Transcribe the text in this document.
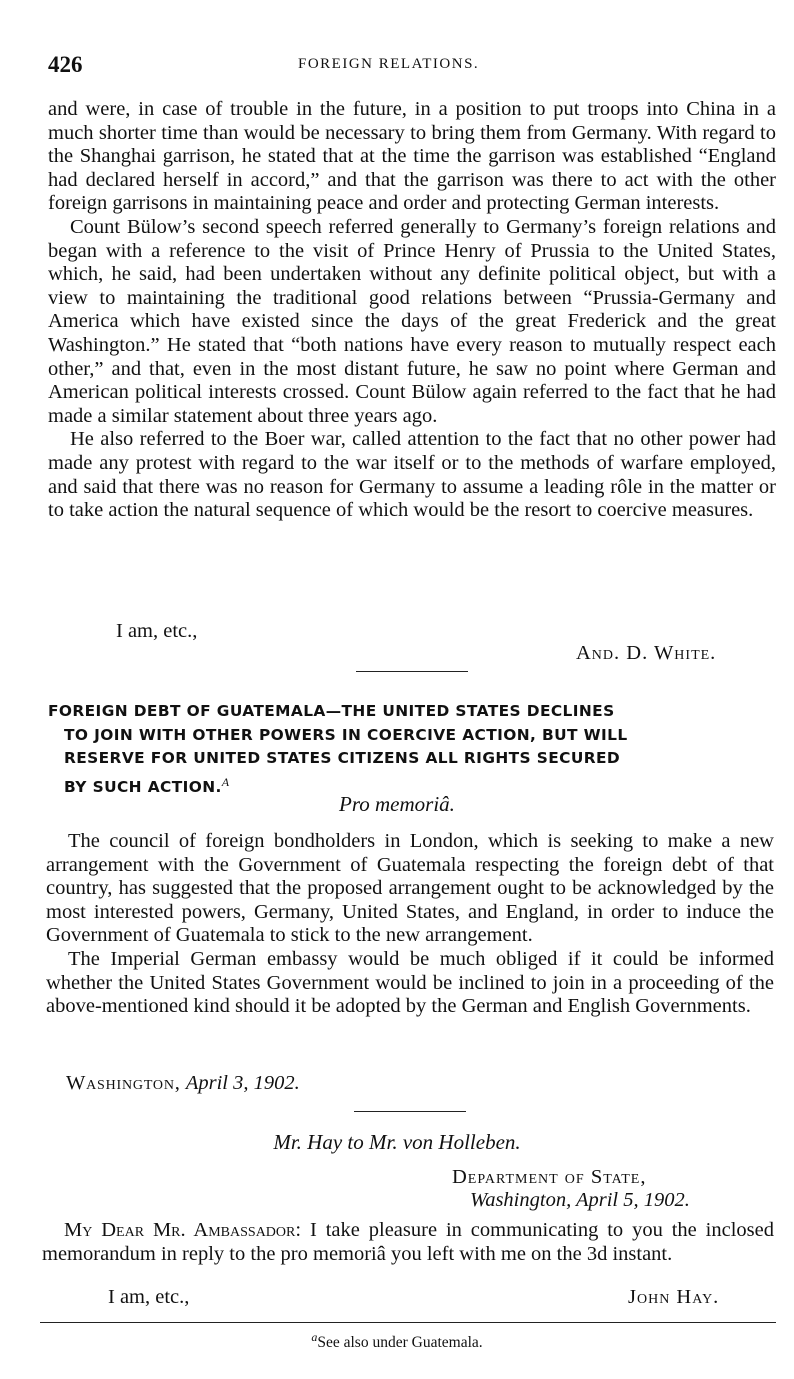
426	FOREIGN RELATIONS.

and were, in case of trouble in the future, in a position to put troops into China in a much shorter time than would be necessary to bring them from Germany. With regard to the Shanghai garrison, he stated that at the time the garrison was established “England had declared herself in accord,” and that the garrison was there to act with the other foreign garrisons in maintaining peace and order and protecting German interests.

Count Bülow’s second speech referred generally to Germany’s foreign relations and began with a reference to the visit of Prince Henry of Prussia to the United States, which, he said, had been undertaken without any definite political object, but with a view to maintaining the traditional good relations between “Prussia-Germany and America which have existed since the days of the great Frederick and the great Washington.” He stated that “both nations have every reason to mutually respect each other,” and that, even in the most distant future, he saw no point where German and American political interests crossed. Count Bülow again referred to the fact that he had made a similar statement about three years ago.

He also referred to the Boer war, called attention to the fact that no other power had made any protest with regard to the war itself or to the methods of warfare employed, and said that there was no reason for Germany to assume a leading rôle in the matter or to take action the natural sequence of which would be the resort to coercive measures.

I am, etc.,
And. D. White.
FOREIGN DEBT OF GUATEMALA—THE UNITED STATES DECLINES
TO JOIN WITH OTHER POWERS IN COERCIVE ACTION, BUT WILL
RESERVE FOR UNITED STATES CITIZENS ALL RIGHTS SECURED
BY SUCH ACTION.$^A$
Pro memoriâ.

The council of foreign bondholders in London, which is seeking to make a new arrangement with the Government of Guatemala respecting the foreign debt of that country, has suggested that the proposed arrangement ought to be acknowledged by the most interested powers, Germany, United States, and England, in order to induce the Government of Guatemala to stick to the new arrangement.

The Imperial German embassy would be much obliged if it could be informed whether the United States Government would be inclined to join in a proceeding of the above-mentioned kind should it be adopted by the German and English Governments.

Washington, April 3, 1902.
Mr. Hay to Mr. von Holleben.
Department of State,
Washington, April 5, 1902.

My Dear Mr. Ambassador: I take pleasure in communicating to you the inclosed memorandum in reply to the pro memoriâ you left with me on the 3d instant.

I am, etc.,	John Hay.
$^a$See also under Guatemala.
